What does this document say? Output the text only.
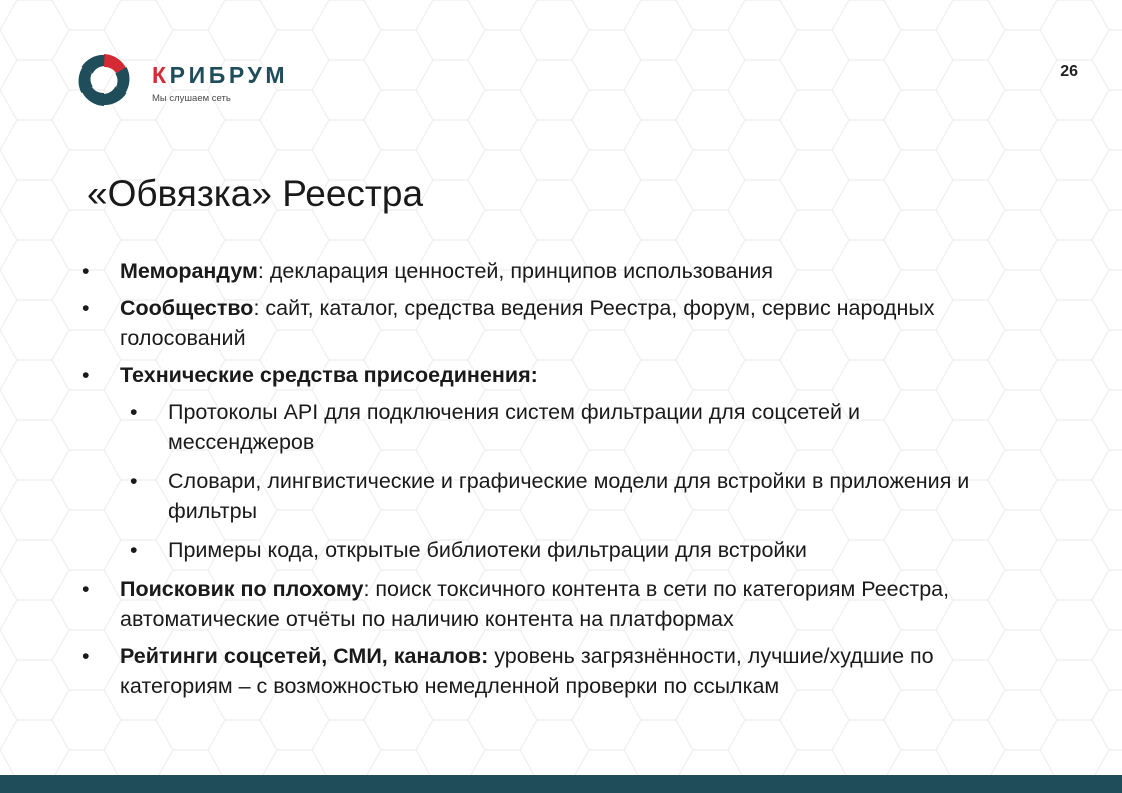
КРИБРУМ
Мы слушаем сеть
26
«Обвязка» Реестра
• Меморандум: декларация ценностей, принципов использования
• Сообщество: сайт, каталог, средства ведения Реестра, форум, сервис народных голосований
• Технические средства присоединения:
• Протоколы API для подключения систем фильтрации для соцсетей и мессенджеров
• Словари, лингвистические и графические модели для встройки в приложения и фильтры
• Примеры кода, открытые библиотеки фильтрации для встройки
• Поисковик по плохому: поиск токсичного контента в сети по категориям Реестра, автоматические отчёты по наличию контента на платформах
• Рейтинги соцсетей, СМИ, каналов: уровень загрязнённости, лучшие/худшие по категориям – с возможностью немедленной проверки по ссылкам
